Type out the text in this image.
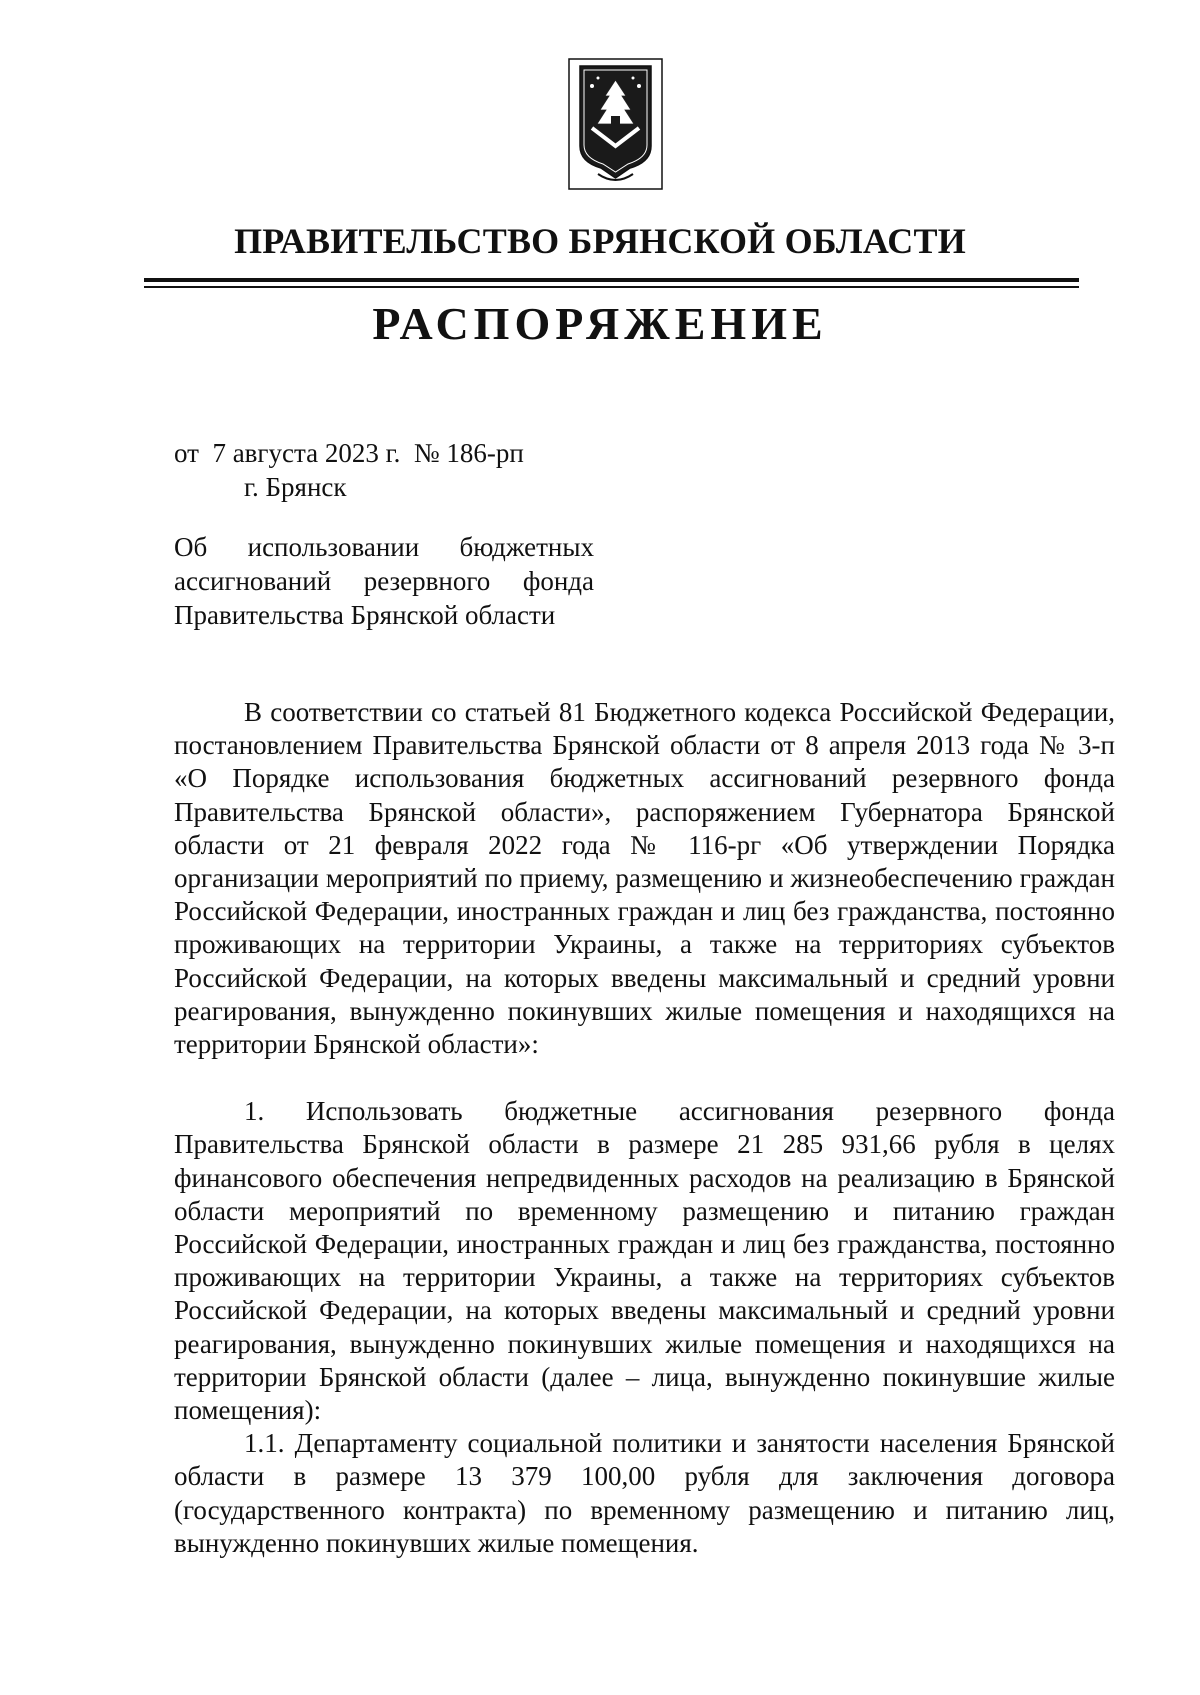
ПРАВИТЕЛЬСТВО БРЯНСКОЙ ОБЛАСТИ
РАСПОРЯЖЕНИЕ
от  7 августа 2023 г.  № 186-рп
г. Брянск
Об использовании бюджетных
ассигнований резервного фонда
Правительства Брянской области

В соответствии со статьей 81 Бюджетного кодекса Российской Федерации, постановлением Правительства Брянской области от 8 апреля 2013 года № 3-п «О Порядке использования бюджетных ассигнований резервного фонда Правительства Брянской области», распоряжением Губернатора Брянской области от 21 февраля 2022 года № 116-рг «Об утверждении Порядка организации мероприятий по приему, размещению и жизнеобеспечению граждан Российской Федерации, иностранных граждан и лиц без гражданства, постоянно проживающих на территории Украины, а также на территориях субъектов Российской Федерации, на которых введены максимальный и средний уровни реагирования, вынужденно покинувших жилые помещения и находящихся на территории Брянской области»:

1. Использовать бюджетные ассигнования резервного фонда Правительства Брянской области в размере 21 285 931,66 рубля в целях финансового обеспечения непредвиденных расходов на реализацию в Брянской области мероприятий по временному размещению и питанию граждан Российской Федерации, иностранных граждан и лиц без гражданства, постоянно проживающих на территории Украины, а также на территориях субъектов Российской Федерации, на которых введены максимальный и средний уровни реагирования, вынужденно покинувших жилые помещения и находящихся на территории Брянской области (далее – лица, вынужденно покинувшие жилые помещения):

1.1. Департаменту социальной политики и занятости населения Брянской области в размере 13 379 100,00 рубля для заключения договора (государственного контракта) по временному размещению и питанию лиц, вынужденно покинувших жилые помещения.
